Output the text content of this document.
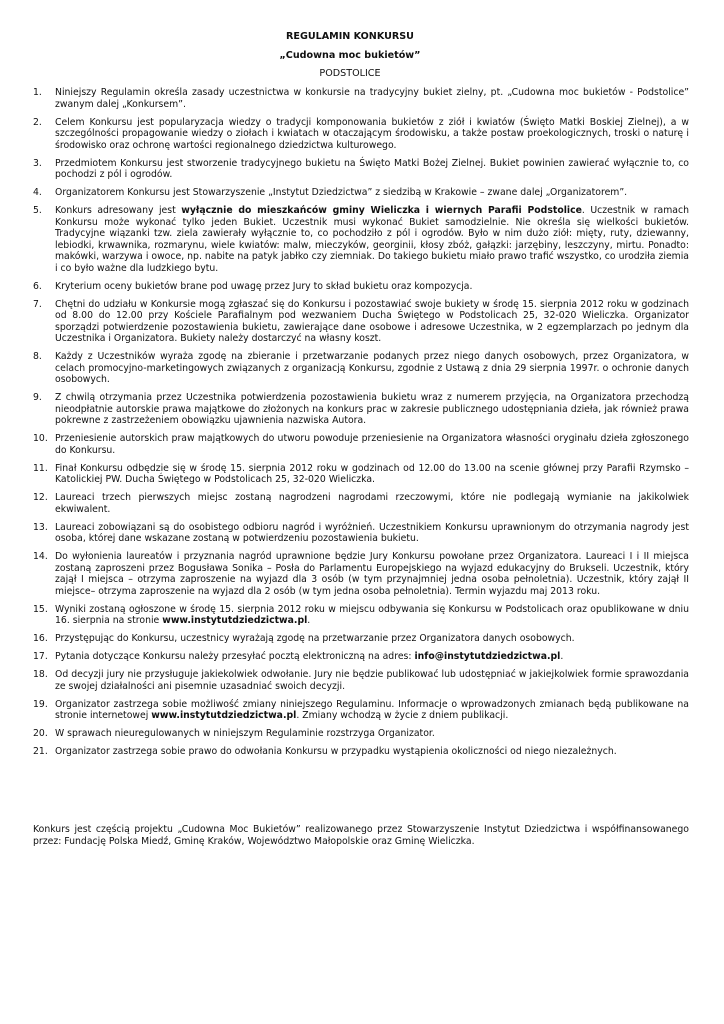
REGULAMIN KONKURSU
„Cudowna moc bukietów”
PODSTOLICE
1. Niniejszy Regulamin określa zasady uczestnictwa w konkursie na tradycyjny bukiet zielny, pt. „Cudowna moc bukietów - Podstolice” zwanym dalej „Konkursem”.
2. Celem Konkursu jest popularyzacja wiedzy o tradycji komponowania bukietów z ziół i kwiatów (Święto Matki Boskiej Zielnej), a w szczególności propagowanie wiedzy o ziołach i kwiatach w otaczającym środowisku, a także postaw proekologicznych, troski o naturę i środowisko oraz ochronę wartości regionalnego dziedzictwa kulturowego.
3. Przedmiotem Konkursu jest stworzenie tradycyjnego bukietu na Święto Matki Bożej Zielnej. Bukiet powinien zawierać wyłącznie to, co pochodzi z pól i ogrodów.
4. Organizatorem Konkursu jest Stowarzyszenie „Instytut Dziedzictwa” z siedzibą w Krakowie – zwane dalej „Organizatorem”.
5. Konkurs adresowany jest wyłącznie do mieszkańców gminy Wieliczka i wiernych Parafii Podstolice. Uczestnik w ramach Konkursu może wykonać tylko jeden Bukiet. Uczestnik musi wykonać Bukiet samodzielnie. Nie określa się wielkości bukietów. Tradycyjne wiązanki tzw. ziela zawierały wyłącznie to, co pochodziło z pól i ogrodów. Było w nim dużo ziół: mięty, ruty, dziewanny, lebiodki, krwawnika, rozmarynu, wiele kwiatów: malw, mieczyków, georginii, kłosy zbóż, gałązki: jarzębiny, leszczyny, mirtu. Ponadto: makówki, warzywa i owoce, np. nabite na patyk jabłko czy ziemniak. Do takiego bukietu miało prawo trafić wszystko, co urodziła ziemia i co było ważne dla ludzkiego bytu.
6. Kryterium oceny bukietów brane pod uwagę przez Jury to skład bukietu oraz kompozycja.
7. Chętni do udziału w Konkursie mogą zgłaszać się do Konkursu i pozostawiać swoje bukiety w środę 15. sierpnia 2012 roku w godzinach od 8.00 do 12.00 przy Kościele Parafialnym pod wezwaniem Ducha Świętego w Podstolicach 25, 32-020 Wieliczka. Organizator sporządzi potwierdzenie pozostawienia bukietu, zawierające dane osobowe i adresowe Uczestnika, w 2 egzemplarzach po jednym dla Uczestnika i Organizatora. Bukiety należy dostarczyć na własny koszt.
8. Każdy z Uczestników wyraża zgodę na zbieranie i przetwarzanie podanych przez niego danych osobowych, przez Organizatora, w celach promocyjno-marketingowych związanych z organizacją Konkursu, zgodnie z Ustawą z dnia 29 sierpnia 1997r. o ochronie danych osobowych.
9. Z chwilą otrzymania przez Uczestnika potwierdzenia pozostawienia bukietu wraz z numerem przyjęcia, na Organizatora przechodzą nieodpłatnie autorskie prawa majątkowe do złożonych na konkurs prac w zakresie publicznego udostępniania dzieła, jak również prawa pokrewne z zastrzeżeniem obowiązku ujawnienia nazwiska Autora.
10. Przeniesienie autorskich praw majątkowych do utworu powoduje przeniesienie na Organizatora własności oryginału dzieła zgłoszonego do Konkursu.
11. Finał Konkursu odbędzie się w środę 15. sierpnia 2012 roku w godzinach od 12.00 do 13.00 na scenie głównej przy Parafii Rzymsko – Katolickiej PW. Ducha Świętego w Podstolicach 25, 32-020 Wieliczka.
12. Laureaci trzech pierwszych miejsc zostaną nagrodzeni nagrodami rzeczowymi, które nie podlegają wymianie na jakikolwiek ekwiwalent.
13. Laureaci zobowiązani są do osobistego odbioru nagród i wyróżnień. Uczestnikiem Konkursu uprawnionym do otrzymania nagrody jest osoba, której dane wskazane zostaną w potwierdzeniu pozostawienia bukietu.
14. Do wyłonienia laureatów i przyznania nagród uprawnione będzie Jury Konkursu powołane przez Organizatora. Laureaci I i II miejsca zostaną zaproszeni przez Bogusława Sonika – Posła do Parlamentu Europejskiego na wyjazd edukacyjny do Brukseli. Uczestnik, który zajął I miejsca – otrzyma zaproszenie na wyjazd dla 3 osób (w tym przynajmniej jedna osoba pełnoletnia). Uczestnik, który zajął II miejsce– otrzyma zaproszenie na wyjazd dla 2 osób (w tym jedna osoba pełnoletnia). Termin wyjazdu maj 2013 roku.
15. Wyniki zostaną ogłoszone w środę 15. sierpnia 2012 roku w miejscu odbywania się Konkursu w Podstolicach oraz opublikowane w dniu 16. sierpnia na stronie www.instytutdziedzictwa.pl.
16. Przystępując do Konkursu, uczestnicy wyrażają zgodę na przetwarzanie przez Organizatora danych osobowych.
17. Pytania dotyczące Konkursu należy przesyłać pocztą elektroniczną na adres: info@instytutdziedzictwa.pl.
18. Od decyzji jury nie przysługuje jakiekolwiek odwołanie. Jury nie będzie publikować lub udostępniać w jakiejkolwiek formie sprawozdania ze swojej działalności ani pisemnie uzasadniać swoich decyzji.
19. Organizator zastrzega sobie możliwość zmiany niniejszego Regulaminu. Informacje o wprowadzonych zmianach będą publikowane na stronie internetowej www.instytutdziedzictwa.pl. Zmiany wchodzą w życie z dniem publikacji.
20. W sprawach nieuregulowanych w niniejszym Regulaminie rozstrzyga Organizator.
21. Organizator zastrzega sobie prawo do odwołania Konkursu w przypadku wystąpienia okoliczności od niego niezależnych.
Konkurs jest częścią projektu „Cudowna Moc Bukietów” realizowanego przez Stowarzyszenie Instytut Dziedzictwa i współfinansowanego przez: Fundację Polska Miedź, Gminę Kraków, Województwo Małopolskie oraz Gminę Wieliczka.
